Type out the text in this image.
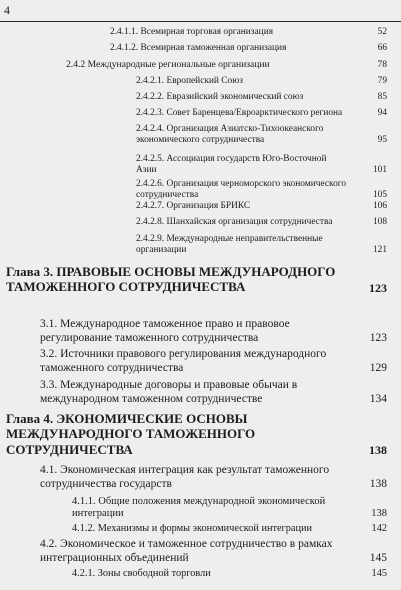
4
2.4.1.1. Всемирная торговая организация	52
2.4.1.2. Всемирная таможенная организация	66
2.4.2 Международные региональные организации	78
2.4.2.1. Европейский Союз	79
2.4.2.2. Евразийский экономический союз	85
2.4.2.3. Совет Баренцева/Евроарктического региона	94
2.4.2.4. Организация Азиатско-Тихоокеанского экономического сотрудничества	95
2.4.2.5. Ассоциация государств Юго-Восточной Азии	101
2.4.2.6. Организация черноморского экономического сотрудничества	105
2.4.2.7. Организация БРИКС	106
2.4.2.8. Шанхайская организация сотрудничества	108
2.4.2.9. Международные неправительственные организации	121
Глава 3. ПРАВОВЫЕ ОСНОВЫ МЕЖДУНАРОДНОГО ТАМОЖЕННОГО СОТРУДНИЧЕСТВА	123
3.1. Международное таможенное право и правовое регулирование таможенного сотрудничества	123
3.2. Источники правового регулирования международного таможенного сотрудничества	129
3.3. Международные договоры и правовые обычаи в международном таможенном сотрудничестве	134
Глава 4. ЭКОНОМИЧЕСКИЕ ОСНОВЫ МЕЖДУНАРОДНОГО ТАМОЖЕННОГО СОТРУДНИЧЕСТВА	138
4.1. Экономическая интеграция как результат таможенного сотрудничества государств	138
4.1.1. Общие положения международной экономической интеграции	138
4.1.2. Механизмы и формы экономической интеграции	142
4.2. Экономическое и таможенное сотрудничество в рамках интеграционных объединений	145
4.2.1. Зоны свободной торговли	145
